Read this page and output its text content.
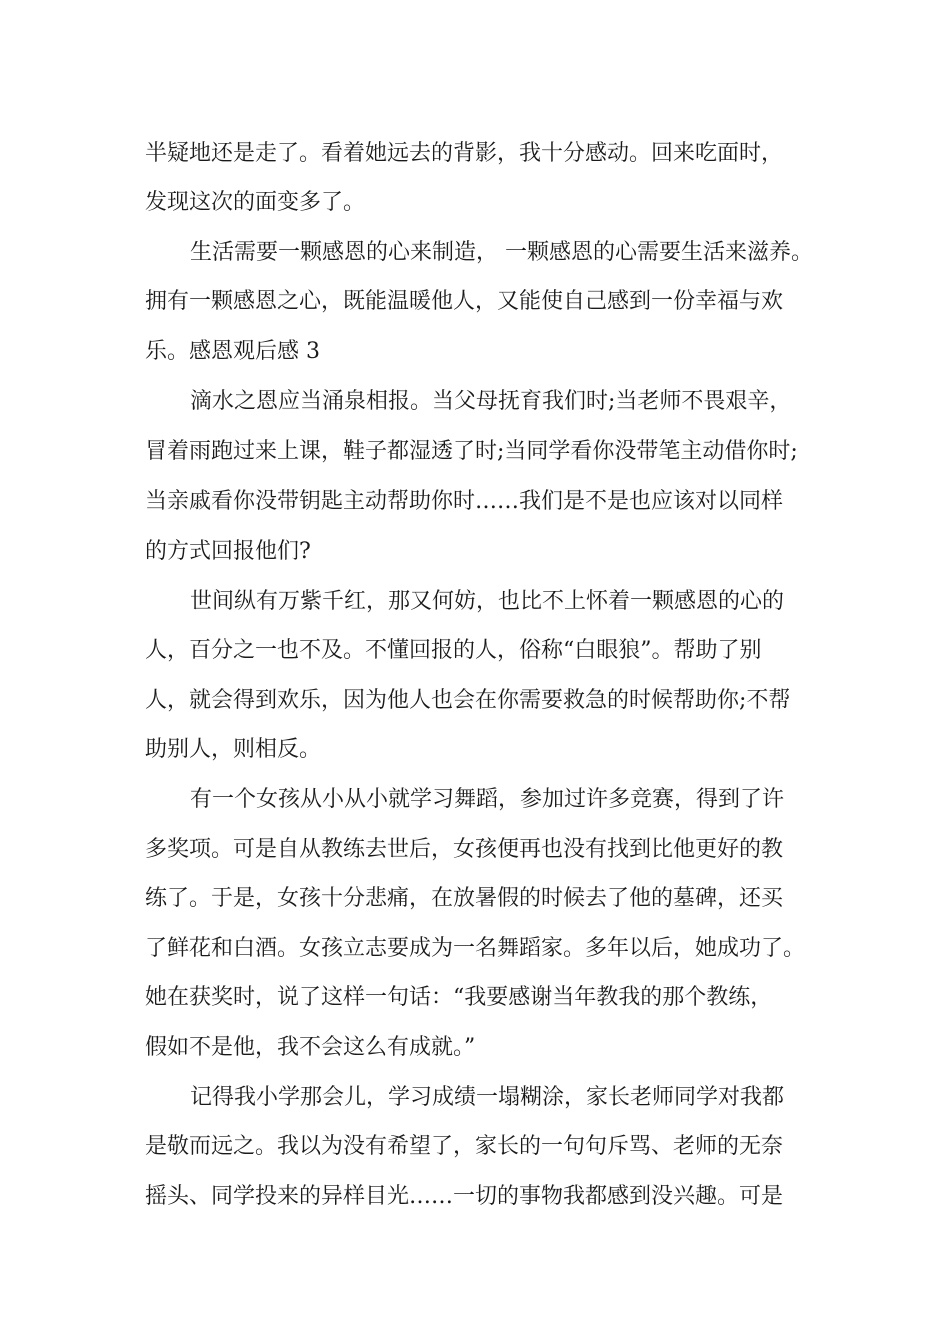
半疑地还是走了。看着她远去的背影，我十分感动。回来吃面时，

发现这次的面变多了。

生活需要一颗感恩的心来制造， 一颗感恩的心需要生活来滋养。

拥有一颗感恩之心，既能温暖他人，又能使自己感到一份幸福与欢

乐。感恩观后感 3

滴水之恩应当涌泉相报。当父母抚育我们时;当老师不畏艰辛，

冒着雨跑过来上课，鞋子都湿透了时;当同学看你没带笔主动借你时;

当亲戚看你没带钥匙主动帮助你时……我们是不是也应该对以同样

的方式回报他们?

世间纵有万紫千红，那又何妨，也比不上怀着一颗感恩的心的

人，百分之一也不及。不懂回报的人，俗称“白眼狼”。帮助了别

人，就会得到欢乐，因为他人也会在你需要救急的时候帮助你;不帮

助别人，则相反。

有一个女孩从小从小就学习舞蹈，参加过许多竞赛，得到了许

多奖项。可是自从教练去世后，女孩便再也没有找到比他更好的教

练了。于是，女孩十分悲痛，在放暑假的时候去了他的墓碑，还买

了鲜花和白酒。女孩立志要成为一名舞蹈家。多年以后，她成功了。

她在获奖时，说了这样一句话：“我要感谢当年教我的那个教练，

假如不是他，我不会这么有成就。”

记得我小学那会儿，学习成绩一塌糊涂，家长老师同学对我都

是敬而远之。我以为没有希望了，家长的一句句斥骂、老师的无奈

摇头、同学投来的异样目光……一切的事物我都感到没兴趣。可是
